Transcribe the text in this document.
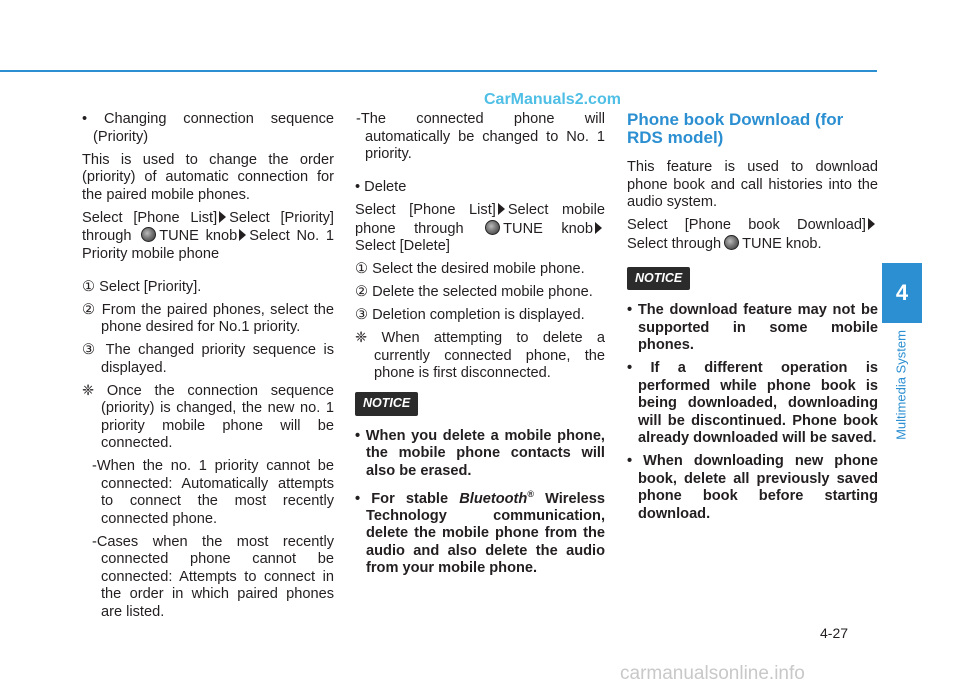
CarManuals2.com

• Changing connection sequence (Priority)

This is used to change the order (priority) of automatic connection for the paired mobile phones.

Select [Phone List] Select [Priority] through TUNE knob Select No. 1 Priority mobile phone

① Select [Priority].

② From the paired phones, select the phone desired for No.1 priority.

③ The changed priority sequence is displayed.

❈ Once the connection sequence (priority) is changed, the new no. 1 priority mobile phone will be connected.

-When the no. 1 priority cannot be connected: Automatically attempts to connect the most recently connected phone.

-Cases when the most recently connected phone cannot be connected: Attempts to connect in the order in which paired phones are listed.

-The connected phone will automatically be changed to No. 1 priority.

• Delete

Select [Phone List] Select mobile phone through	TUNE knob Select [Delete]

① Select the desired mobile phone.

② Delete the selected mobile phone.

③ Deletion completion is displayed.

❈ When attempting to delete a currently connected phone, the phone is first disconnected.

NOTICE

• When you delete a mobile phone, the mobile phone contacts will also be erased.

• For stable Bluetooth® Wireless Technology communication, delete the mobile phone from the audio and also delete the audio from your mobile phone.

Phone book Download (for RDS model)

This feature is used to download phone book and call histories into the audio system.

Select [Phone book Download] Select through TUNE knob.

NOTICE

• The download feature may not be supported in some mobile phones.

• If a different operation is performed while phone book is being downloaded, downloading will be discontinued. Phone book already downloaded will be saved.

• When downloading new phone book, delete all previously saved phone book before starting download.

4
Multimedia System
4-27
carmanualsonline.info
